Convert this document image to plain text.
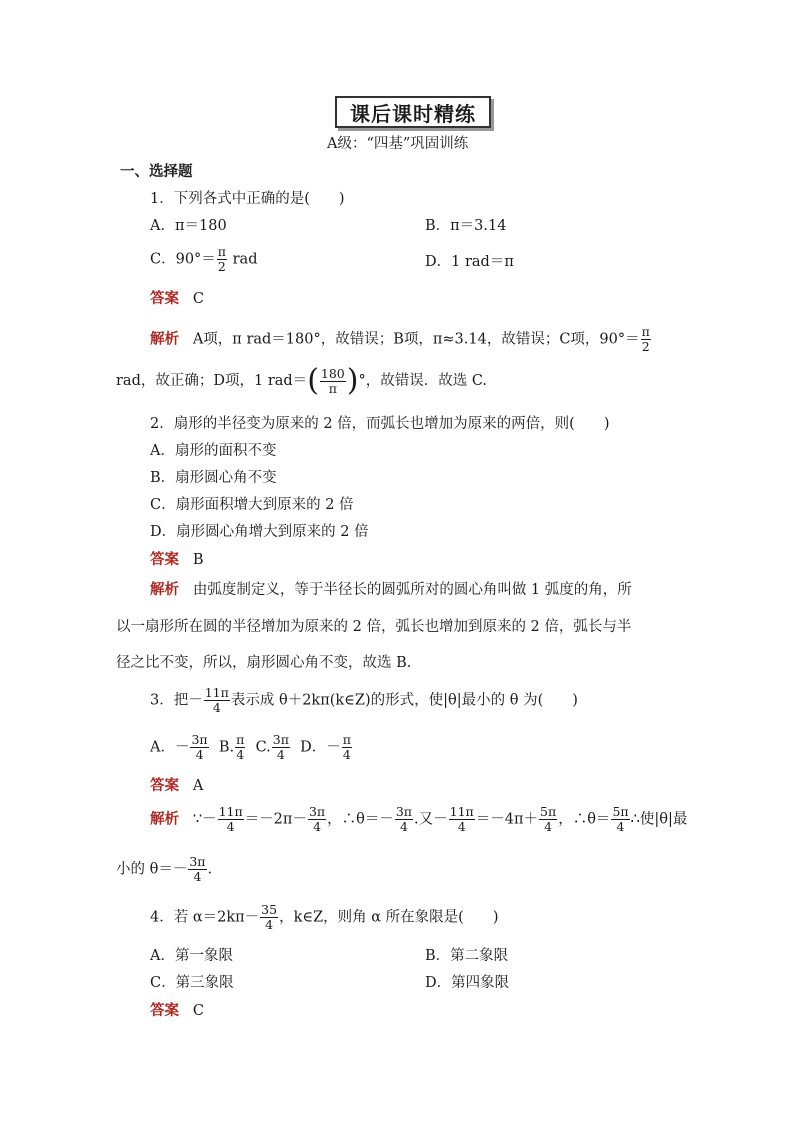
课后课时精练
A级：“四基”巩固训练
一、选择题
1．下列各式中正确的是(　　)
A．π＝180	B．π＝3.14
C．$90^\circ= \frac{\pi}{2}$ rad	D．1 rad＝π
答案 C
解析 A项，π rad＝180°，故错误；B项，π≈3.14，故错误；C项，$90^\circ= \frac{\pi}{2}$
rad，故正确；D项，1 $rad=( \frac{180}{\pi}$ )°，故错误．故选 C.
2．扇形的半径变为原来的 2 倍，而弧长也增加为原来的两倍，则(　　)
A．扇形的面积不变
B．扇形圆心角不变
C．扇形面积增大到原来的 2 倍
D．扇形圆心角增大到原来的 2 倍
答案 B
解析 由弧度制定义，等于半径长的圆弧所对的圆心角叫做 1 弧度的角，所
以一扇形所在圆的半径增加为原来的 2 倍，弧长也增加到原来的 2 倍，弧长与半
径之比不变，所以，扇形圆心角不变，故选 B.
3．把－ $\frac{11\pi}{4}$ 表示成 θ＋2kπ(k∈Z)的形式，使|θ|最小的 θ 为(　　)
A．－ $\frac{3\pi}{4} B$. $\frac{\pi}{4} C$. $\frac{3\pi}{4}$ D．－ $\frac{\pi}{4}$
答案 A
解析 ∵－ $\frac{11\pi}{4} =-2\pi- \frac{3\pi}{4}$ ，∴θ＝－ $\frac{3\pi}{4}$ .又－ $\frac{11\pi}{4} =-4\pi+ \frac{5\pi}{4}$ ，∴θ＝ $\frac{5\pi}{4}$ ∴使|θ|最
小的 $\theta=- \frac{3\pi}{4}$ .
4．若 $\alpha=2k\pi- \frac{35}{4}$ ，k∈Z，则角 α 所在象限是(　　)
A．第一象限	B．第二象限
C．第三象限	D．第四象限
答案 C
